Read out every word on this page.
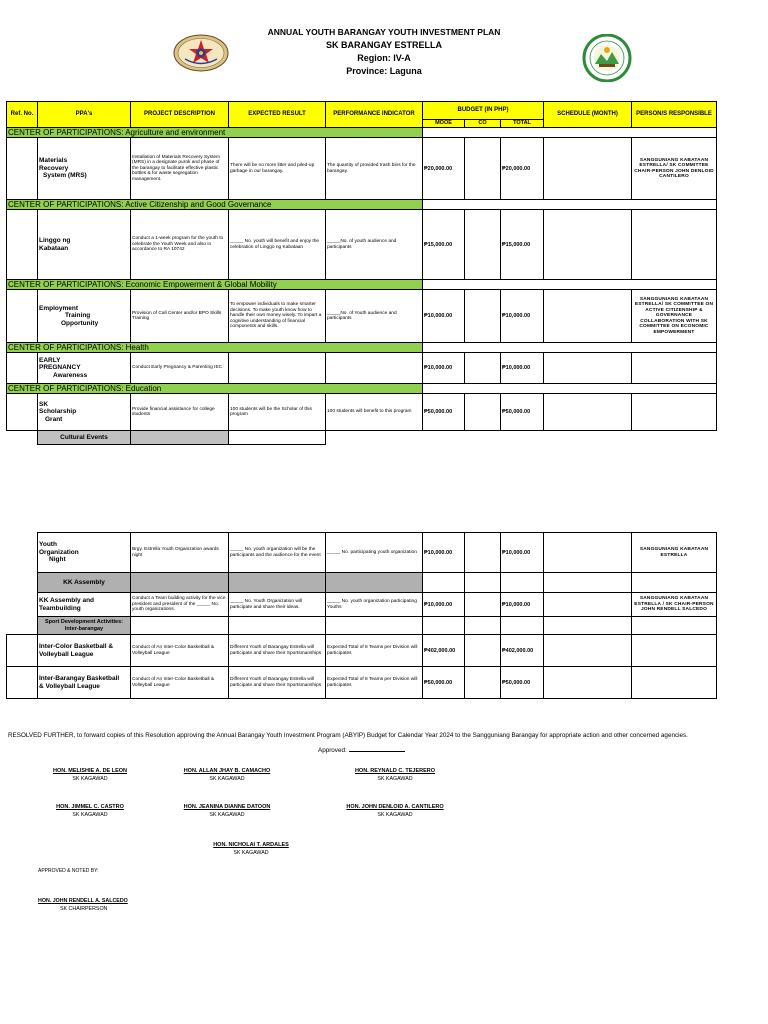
ANNUAL YOUTH BARANGAY YOUTH INVESTMENT PLAN
SK BARANGAY ESTRELLA
Region: IV-A
Province: Laguna
Ref. No.	PPA's	PROJECT DESCRIPTION	EXPECTED RESULT	PERFORMANCE INDICATOR	BUDGET (IN PHP)			SCHEDULE (MONTH)	PERSON/S RESPONSIBLE
					MOOE	CO	TOTAL		
CENTER OF PARTICIPATIONS: Agriculture and environment									
	Materials
Recovery

System (MRS)	Installation of Materials Recovery System (MRS) in a designate purok and phase of the barangay to facilitate effective plastic bottles & for waste segregation management.	There will be no more litter and piled-up garbage in our barangay.	The quantity of provided trash bins for the barangay.	₱20,000.00		₱20,000.00		SANGGUNIANG KABATAAN ESTRELLA/ SK COMMITTEE CHAIR-PERSON JOHN DENLOID CANTILERO
CENTER OF PARTICIPATIONS: Active Citizenship and Good Governance									
	Linggo ng
Kabataan	Conduct a 1-week program for the youth to celebrate the Youth Week and also in accordance to RA 10742	_____ No. youth will benefit and enjoy the celebration of Linggo ng Kabataan	_____No. of youth audience and participants	₱15,000.00		₱15,000.00		
CENTER OF PARTICIPATIONS: Economic Empowerment & Global Mobility									
	Employment

Training
Opportunity	Provision of Call Center and/or BPO Skills Training	To empower individuals to make smarter decisions. To make youth know how to handle their own money wisely. To impart a cognitive understanding of financial components and skills.	_____No. of Youth audience and participants	₱10,000.00		₱10,000.00		SANGGUNIANG KABATAAN ESTRELLA/ SK COMMITTEE ON ACTIVE CITIZENSHIP & GOVERNANCE COLLABORATION WITH SK COMMITTEE ON ECONOMIC EMPOWERMENT
CENTER OF PARTICIPATIONS: Health									
	EARLY
PREGNANCY

Awareness	Conduct Early Pregnancy & Parenting IEC			₱10,000.00		₱10,000.00		
CENTER OF PARTICIPATIONS: Education									
	SK
Scholarship

Grant	Provide financial assistance for college students	100 students will be the Scholar of this program	100 students will benefit to this program	₱50,000.00		₱50,000.00		
	Cultural Events								
	Youth
Organization

Night	Brgy. Estrella Youth Organization awards night	_____ No. youth organization will be the participants and the audience for the event	_____ No. participating youth organization	₱10,000.00		₱10,000.00		SANGGUNIANG KABATAAN ESTRELLA
	KK Assembly								
	KK Assembly and
Teambuilding	Conduct a Team building activity for the vice president and president of the _____ No. youth organizations.	_____ No. Youth Organization will participate and share their ideas.	_____ No. youth organization participating Youths	₱10,000.00		₱10,000.00		SANGGUNIANG KABATAAN ESTRELLA / SK CHAIR-PERSON JOHN RENDELL SALCEDO
	Sport Development Activities:
Inter-barangay								
	Inter-Color Basketball &
Volleyball League	Conduct of An Inter-Color Basketball & Volleyball League	Different Youth of Barangay Estrella will participate and share their Sportsmanships	Expected Total of 8 Teams per Division will participates	₱402,000.00		₱402,000.00		
	Inter-Barangay Basketball
& Volleyball League	Conduct of An Inter-Color Basketball & Volleyball League	Different Youth of Barangay Estrella will participate and share their Sportsmanships	Expected Total of 8 Teams per Division will participates	₱50,000.00		₱50,000.00		
RESOLVED FURTHER, to forward copies of this Resolution approving the Annual Barangay Youth Investment Program (ABYIP) Budget for Calendar Year 2024 to the Sangguniang Barangay for appropriate action and other concerned agencies.
Approved:
HON. MELISHIE A. DE LEON
SK KAGAWAD
HON. ALLAN JHAY B. CAMACHO
SK KAGAWAD
HON. REYNALD C. TEJERERO
SK KAGAWAD
HON. JIMMEL C. CASTRO
SK KAGAWAD
HON. JEANINA DIANNE DATOON
SK KAGAWAD
HON. JOHN DENLOID A. CANTILERO
SK KAGAWAD
HON. NICHOLAI T. ARDALES
SK KAGAWAD
APPROVED & NOTED BY:
HON. JOHN RENDELL A. SALCEDO
SK CHAIRPERSON
